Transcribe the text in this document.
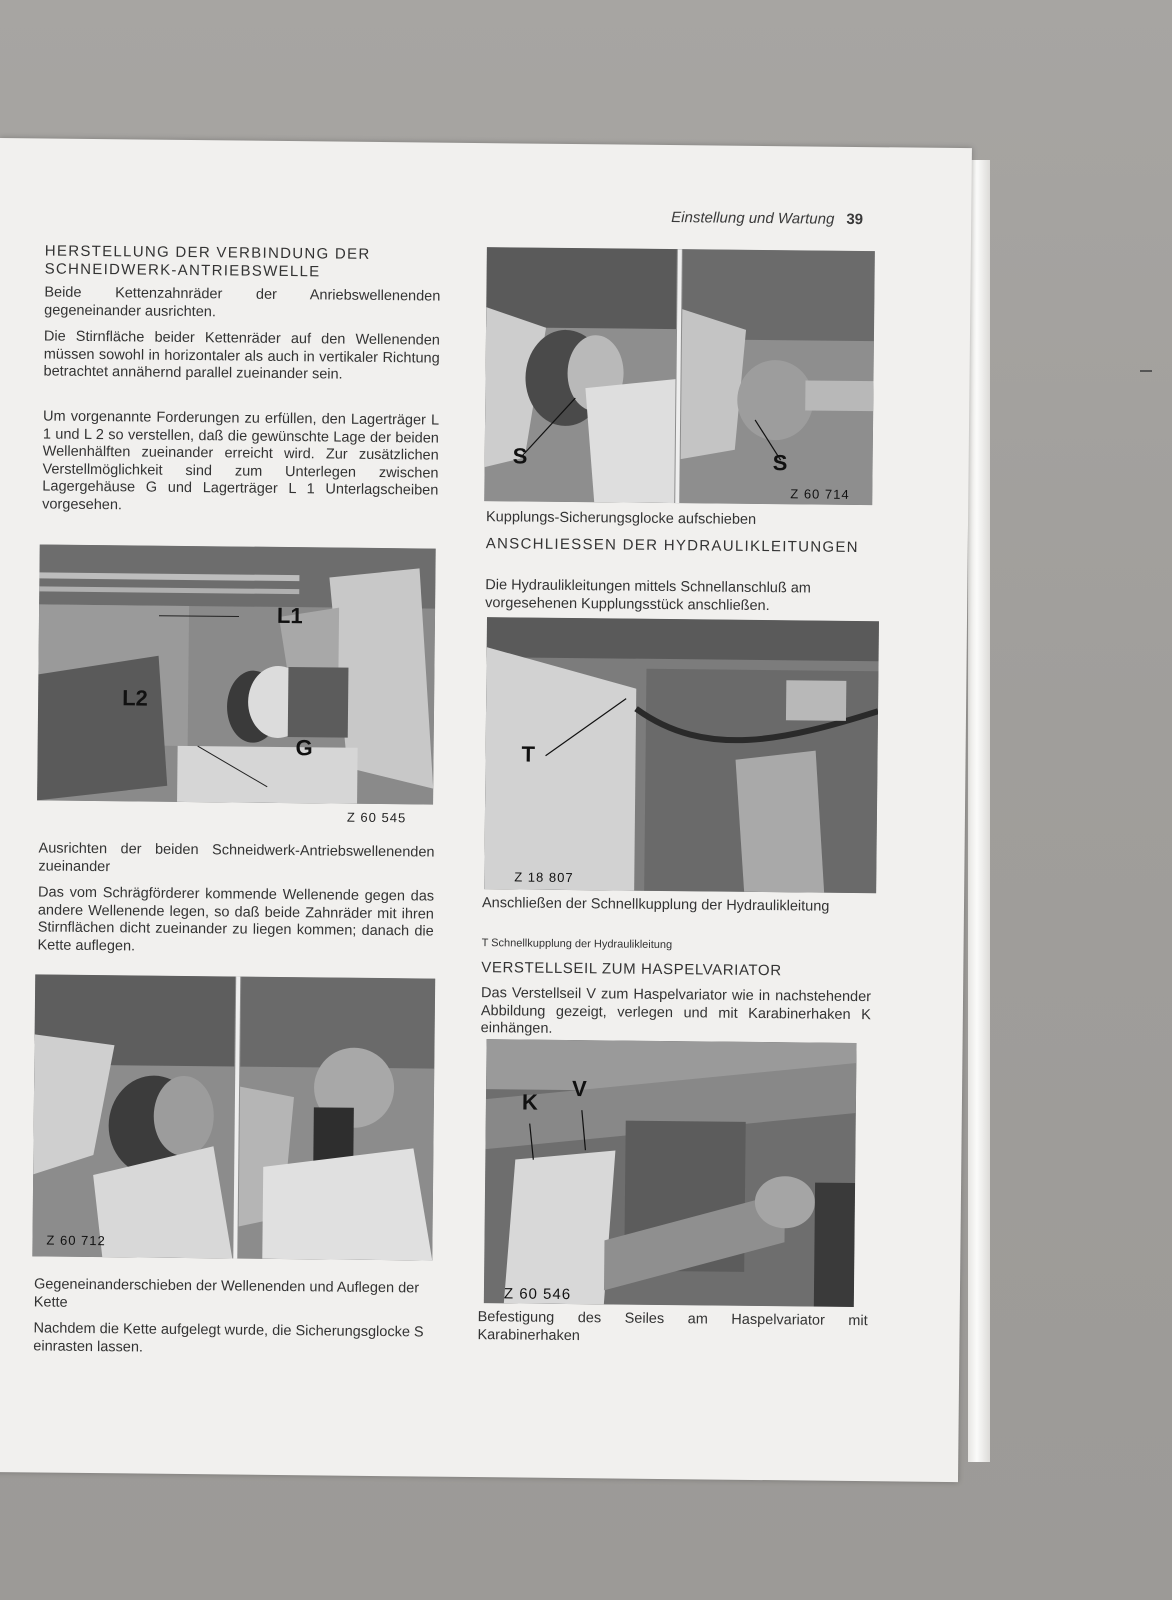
Einstellung und Wartung 39
HERSTELLUNG DER VERBINDUNG DER SCHNEIDWERK-ANTRIEBSWELLE
Beide Kettenzahnräder der Anriebswellenenden gegeneinander ausrichten.
Die Stirnfläche beider Kettenräder auf den Wellenenden müssen sowohl in horizontaler als auch in vertikaler Richtung betrachtet annähernd parallel zueinander sein.
Um vorgenannte Forderungen zu erfüllen, den Lagerträger L 1 und L 2 so verstellen, daß die gewünschte Lage der beiden Wellenhälften zueinander erreicht wird. Zur zusätzlichen Verstellmöglichkeit sind zum Unterlegen zwischen Lagergehäuse G und Lagerträger L 1 Unterlagscheiben vorgesehen.
L1
L2
G
Z 60 545
Ausrichten der beiden Schneidwerk-Antriebswellenenden zueinander
Das vom Schrägförderer kommende Wellenende gegen das andere Wellenende legen, so daß beide Zahnräder mit ihren Stirnflächen dicht zueinander zu liegen kommen; danach die Kette auflegen.
Z 60 712
Gegeneinanderschieben der Wellenenden und Auflegen der Kette
Nachdem die Kette aufgelegt wurde, die Sicherungsglocke S einrasten lassen.
S	S
Z 60 714
Kupplungs-Sicherungsglocke aufschieben
ANSCHLIESSEN DER HYDRAULIKLEITUNGEN
Die Hydraulikleitungen mittels Schnellanschluß am vorgesehenen Kupplungsstück anschließen.
T
Z 18 807
Anschließen der Schnellkupplung der Hydraulikleitung
T Schnellkupplung der Hydraulikleitung
VERSTELLSEIL ZUM HASPELVARIATOR
Das Verstellseil V zum Haspelvariator wie in nachstehender Abbildung gezeigt, verlegen und mit Karabinerhaken K einhängen.
K
V
Z 60 546
Befestigung des Seiles am Haspelvariator mit Karabinerhaken
